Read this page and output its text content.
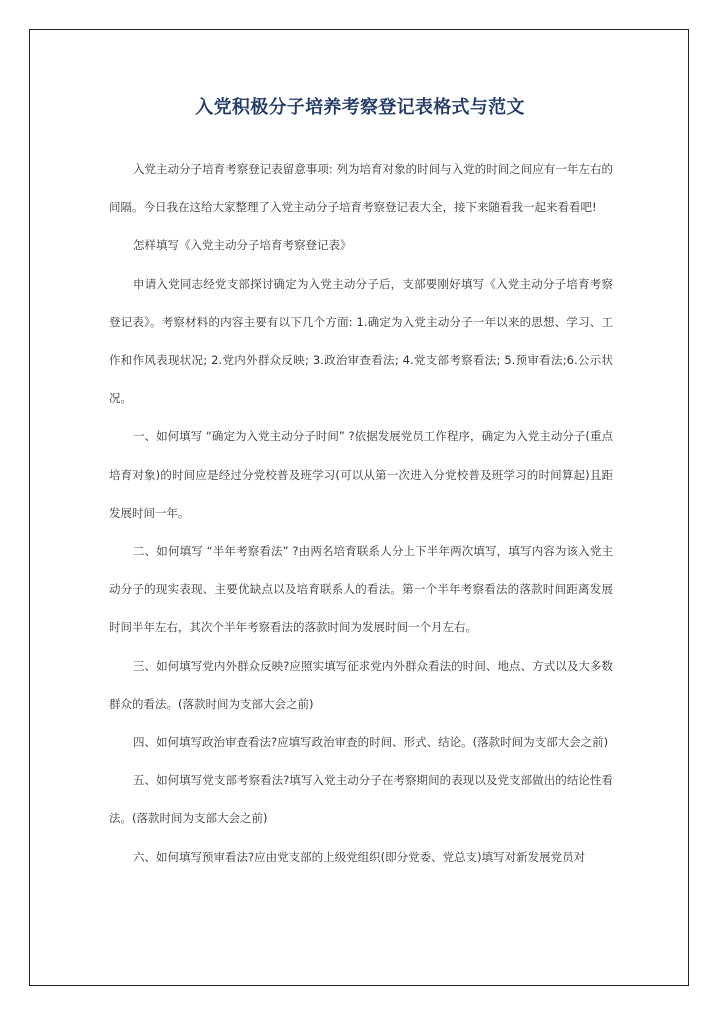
入党积极分子培养考察登记表格式与范文

入党主动分子培育考察登记表留意事项: 列为培育对象的时间与入党的时间之间应有一年左右的间隔。今日我在这给大家整理了入党主动分子培育考察登记表大全，接下来随看我一起来看看吧!

怎样填写《入党主动分子培育考察登记表》

申请入党同志经党支部探讨确定为入党主动分子后，支部要刚好填写《入党主动分子培育考察登记表》。考察材料的内容主要有以下几个方面: 1.确定为入党主动分子一年以来的思想、学习、工作和作风表现状况; 2.党内外群众反映; 3.政治审查看法; 4.党支部考察看法; 5.预审看法;6.公示状况。

一、如何填写 “确定为入党主动分子时间” ?依据发展党员工作程序，确定为入党主动分子(重点培育对象)的时间应是经过分党校普及班学习(可以从第一次进入分党校普及班学习的时间算起)且距发展时间一年。

二、如何填写 “半年考察看法” ?由两名培育联系人分上下半年两次填写，填写内容为该入党主动分子的现实表现、主要优缺点以及培育联系人的看法。第一个半年考察看法的落款时间距离发展时间半年左右，其次个半年考察看法的落款时间为发展时间一个月左右。

三、如何填写党内外群众反映?应照实填写征求党内外群众看法的时间、地点、方式以及大多数群众的看法。(落款时间为支部大会之前)

四、如何填写政治审查看法?应填写政治审查的时间、形式、结论。(落款时间为支部大会之前)

五、如何填写党支部考察看法?填写入党主动分子在考察期间的表现以及党支部做出的结论性看法。(落款时间为支部大会之前)

六、如何填写预审看法?应由党支部的上级党组织(即分党委、党总支)填写对新发展党员对
